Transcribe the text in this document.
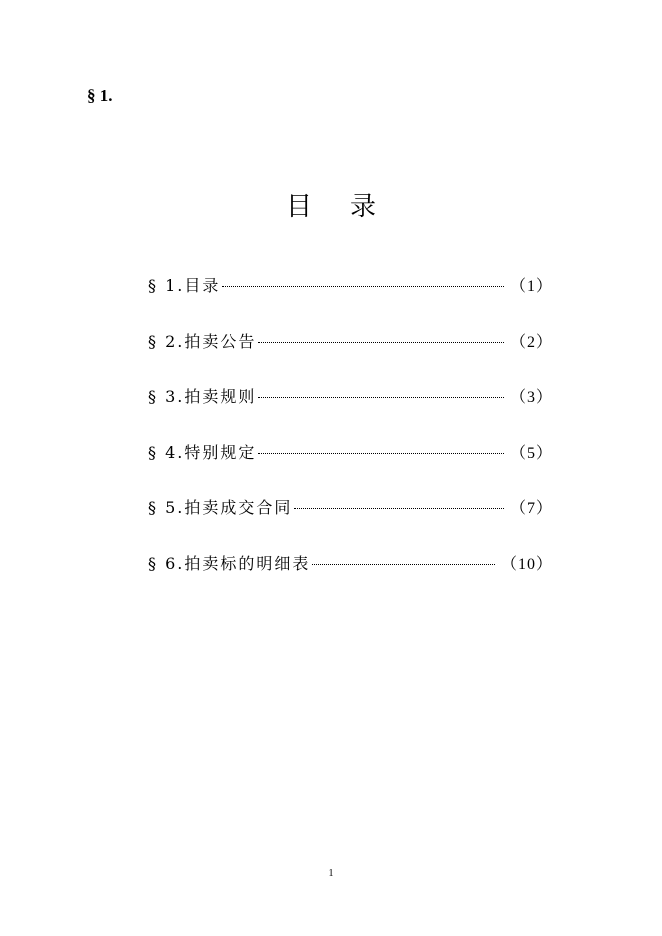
§ 1.
目录
§ 1.目录	（1）
§ 2.拍卖公告	（2）
§ 3.拍卖规则	（3）
§ 4.特别规定	（5）
§ 5.拍卖成交合同	（7）
§ 6.拍卖标的明细表	（10）
1
